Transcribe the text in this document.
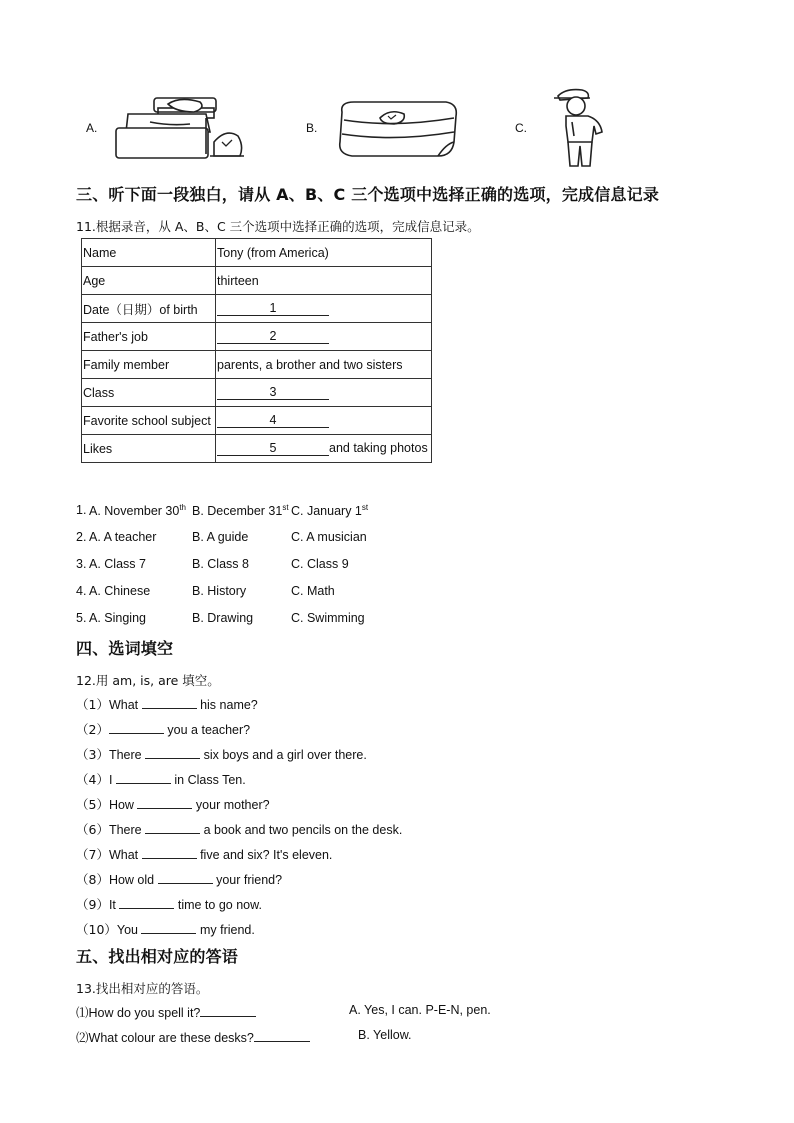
A.	B.	C.
三、听下面一段独白，请从 A、B、C 三个选项中选择正确的选项，完成信息记录
11.根据录音，从 A、B、C 三个选项中选择正确的选项，完成信息记录。
Name	Tony (from America)
Age	thirteen
Date（日期）of birth	1
Father's job	2
Family member	parents, a brother and two sisters
Class	3
Favorite school subject	4
Likes	5 and taking photos
1. A. November 30th B. December 31st C. January 1st
2. A. A teacher	B. A guide	C. A musician
3. A. Class 7	B. Class 8	C. Class 9
4. A. Chinese	B. History	C. Math
5. A. Singing	B. Drawing	C. Swimming
四、选词填空
12.用 am, is, are 填空。
（1）What	his name?
（2）	you a teacher?
（3）There	six boys and a girl over there.
（4）I	in Class Ten.
（5）How	your mother?
（6）There	a book and two pencils on the desk.
（7）What	five and six? It's eleven.
（8）How old	your friend?
（9）It	time to go now.
（10）You	my friend.
五、找出相对应的答语
13.找出相对应的答语。
⑴How do you spell it?	A. Yes, I can. P-E-N, pen.
⑵What colour are these desks?	B. Yellow.
